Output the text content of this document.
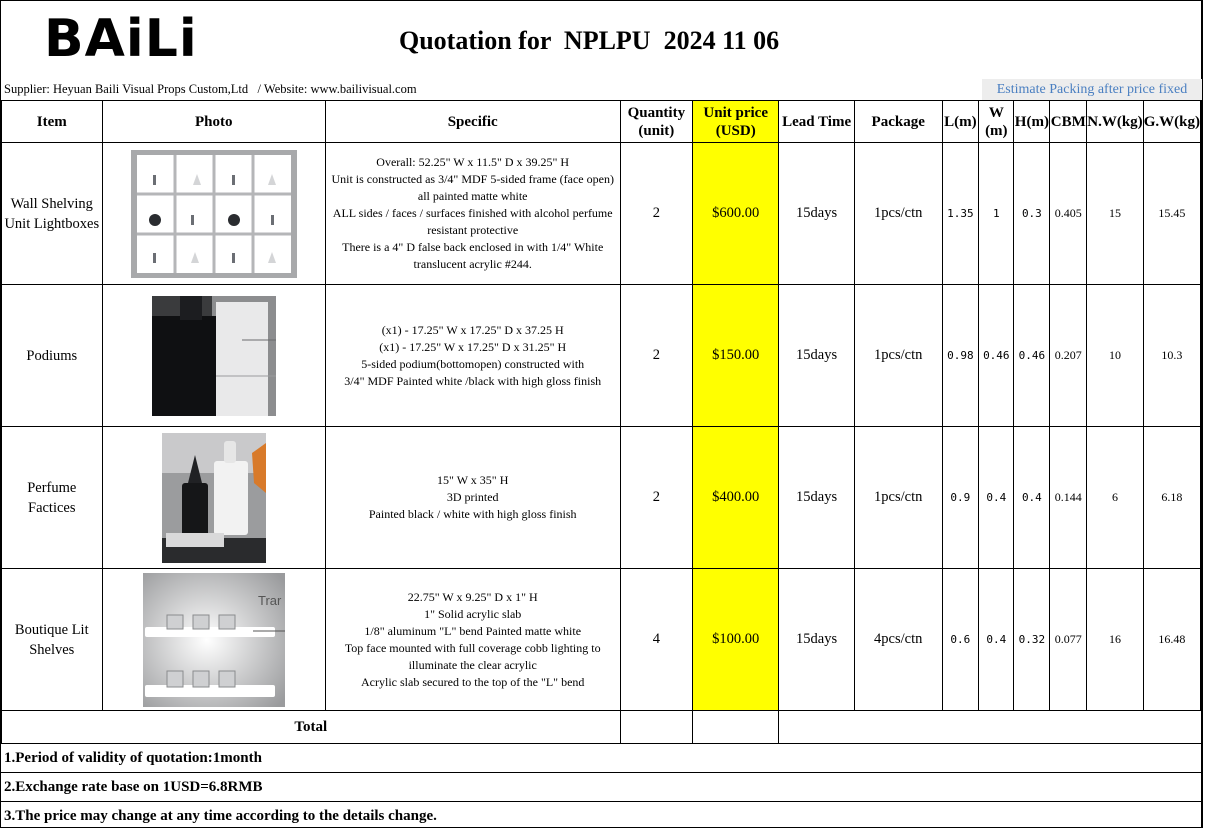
BAiLi	Quotation for  NPLPU  2024 11 06
Supplier: Heyuan Baili Visual Props Custom,Ltd   / Website: www.bailivisual.com	Estimate Packing after price fixed
Item	Photo	Specific	Quantity (unit)	Unit price (USD)	Lead Time	Package	L(m)	W (m)	H(m)	CBM	N.W(kg)	G.W(kg)
Wall Shelving Unit Lightboxes		Overall: 52.25" W x 11.5" D x 39.25" H
Unit is constructed as 3/4" MDF 5-sided frame (face open) all painted matte white
ALL sides / faces / surfaces finished with alcohol perfume resistant protective
There is a 4" D false back enclosed in with 1/4" White translucent acrylic #244.	2	$600.00	15days	1pcs/ctn	1.35	1	0.3	0.405	15	15.45
Podiums		(x1) - 17.25" W x 17.25" D x 37.25 H
(x1) - 17.25" W x 17.25" D x 31.25" H
5-sided podium(bottomopen) constructed with
3/4" MDF Painted white /black with high gloss finish	2	$150.00	15days	1pcs/ctn	0.98	0.46	0.46	0.207	10	10.3
Perfume Factices		15" W x 35" H
3D printed
Painted black / white with high gloss finish	2	$400.00	15days	1pcs/ctn	0.9	0.4	0.4	0.144	6	6.18
Boutique Lit Shelves	Trar	22.75" W x 9.25" D x 1" H
1" Solid acrylic slab
1/8" aluminum "L" bend Painted matte white
Top face mounted with full coverage cobb lighting to illuminate the clear acrylic
Acrylic slab secured to the top of the "L" bend	4	$100.00	15days	4pcs/ctn	0.6	0.4	0.32	0.077	16	16.48
Total												
1.Period of validity of quotation:1month
2.Exchange rate base on 1USD=6.8RMB
3.The price may change at any time according to the details change.
